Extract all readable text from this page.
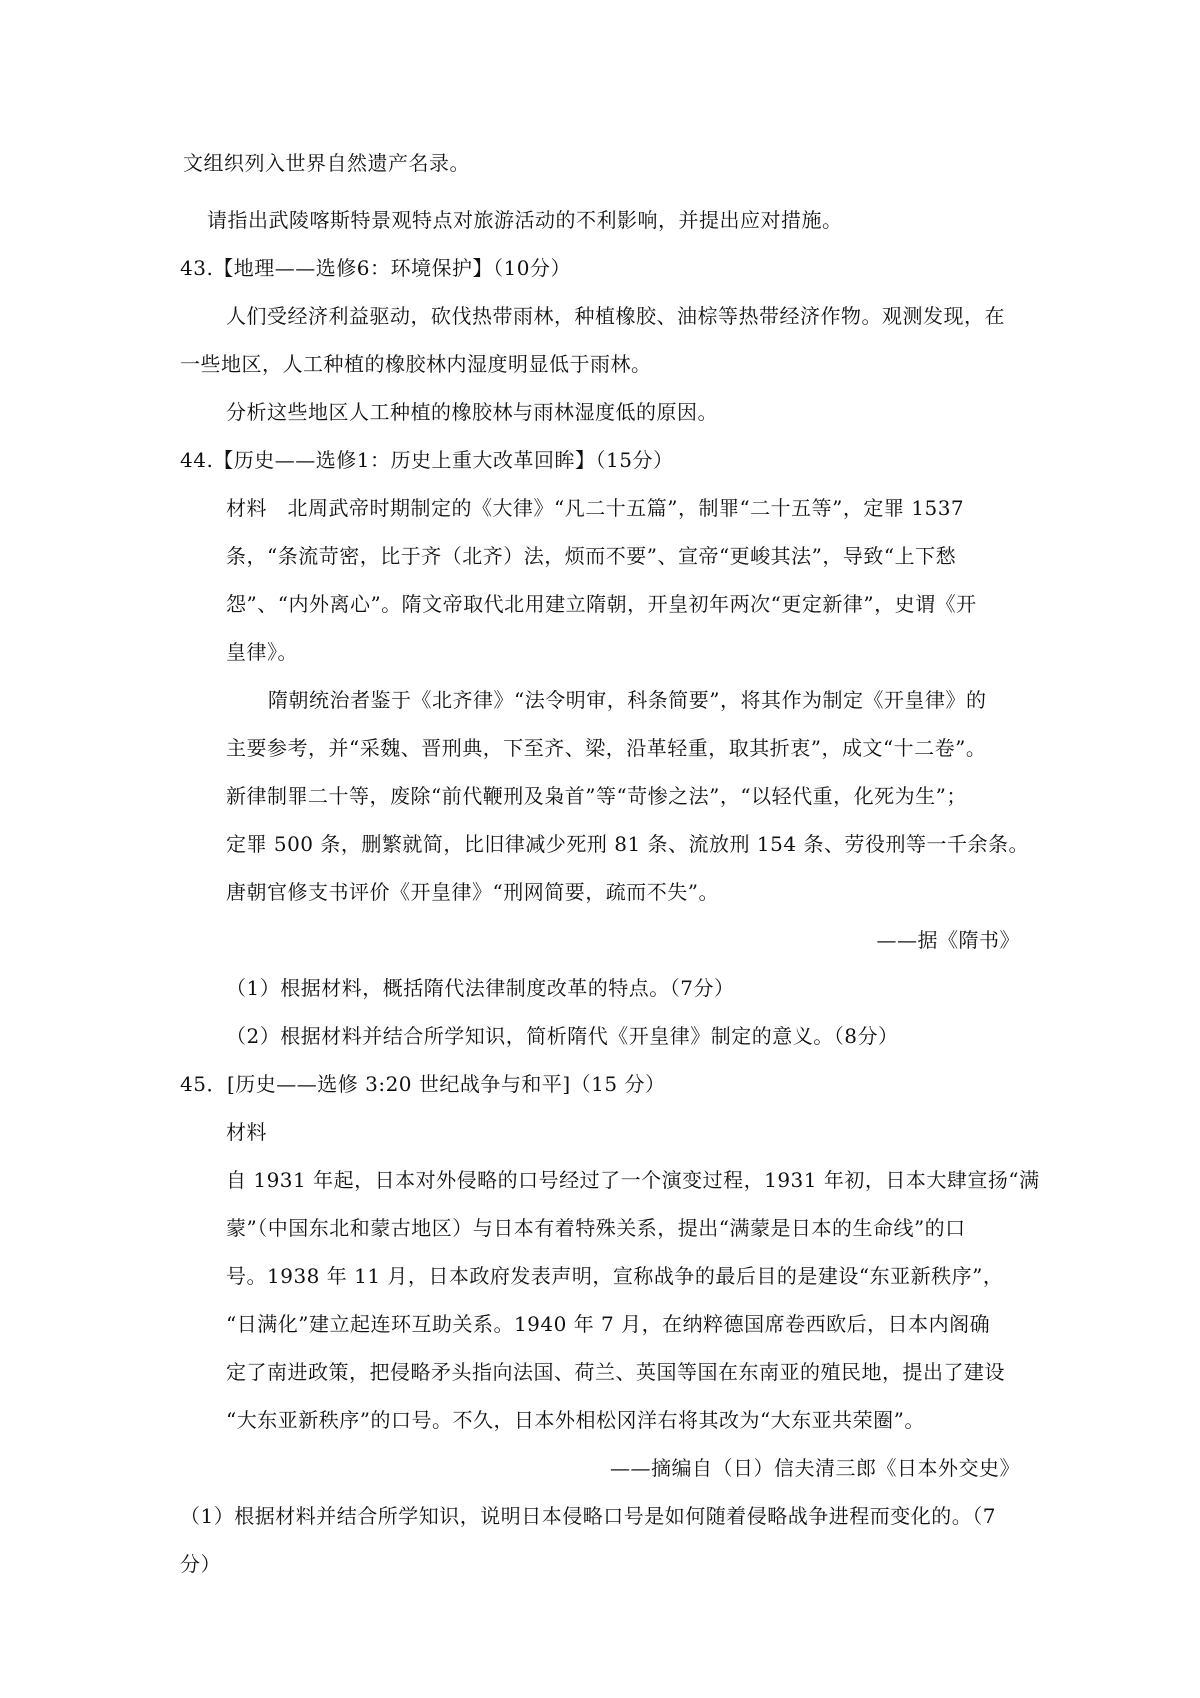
文组织列入世界自然遗产名录。
请指出武陵喀斯特景观特点对旅游活动的不利影响，并提出应对措施。
43.【地理——选修6：环境保护】（10分）
人们受经济利益驱动，砍伐热带雨林，种植橡胶、油棕等热带经济作物。观测发现，在
一些地区，人工种植的橡胶林内湿度明显低于雨林。
分析这些地区人工种植的橡胶林与雨林湿度低的原因。
44.【历史——选修1：历史上重大改革回眸】（15分）
材料　北周武帝时期制定的《大律》“凡二十五篇”，制罪“二十五等”，定罪 1537
条，“条流苛密，比于齐（北齐）法，烦而不要”、宣帝“更峻其法”，导致“上下愁
怨”、“内外离心”。隋文帝取代北用建立隋朝，开皇初年两次“更定新律”，史谓《开
皇律》。
隋朝统治者鉴于《北齐律》“法令明审，科条简要”，将其作为制定《开皇律》的
主要参考，并“采魏、晋刑典，下至齐、梁，沿革轻重，取其折衷”，成文“十二卷”。
新律制罪二十等，废除“前代鞭刑及枭首”等“苛惨之法”，“以轻代重，化死为生”；
定罪 500 条，删繁就简，比旧律减少死刑 81 条、流放刑 154 条、劳役刑等一千余条。
唐朝官修支书评价《开皇律》“刑网简要，疏而不失”。
——据《隋书》
（1）根据材料，概括隋代法律制度改革的特点。（7分）
（2）根据材料并结合所学知识，简析隋代《开皇律》制定的意义。（8分）
45．[历史——选修 3:20 世纪战争与和平]（15 分）
材料
自 1931 年起，日本对外侵略的口号经过了一个演变过程，1931 年初，日本大肆宣扬“满
蒙”（中国东北和蒙古地区）与日本有着特殊关系，提出“满蒙是日本的生命线”的口
号。1938 年 11 月，日本政府发表声明，宣称战争的最后目的是建设“东亚新秩序”，
“日满化”建立起连环互助关系。1940 年 7 月，在纳粹德国席卷西欧后，日本内阁确
定了南进政策，把侵略矛头指向法国、荷兰、英国等国在东南亚的殖民地，提出了建设
“大东亚新秩序”的口号。不久，日本外相松冈洋右将其改为“大东亚共荣圈”。
——摘编自（日）信夫清三郎《日本外交史》
（1）根据材料并结合所学知识，说明日本侵略口号是如何随着侵略战争进程而变化的。（7
分）
